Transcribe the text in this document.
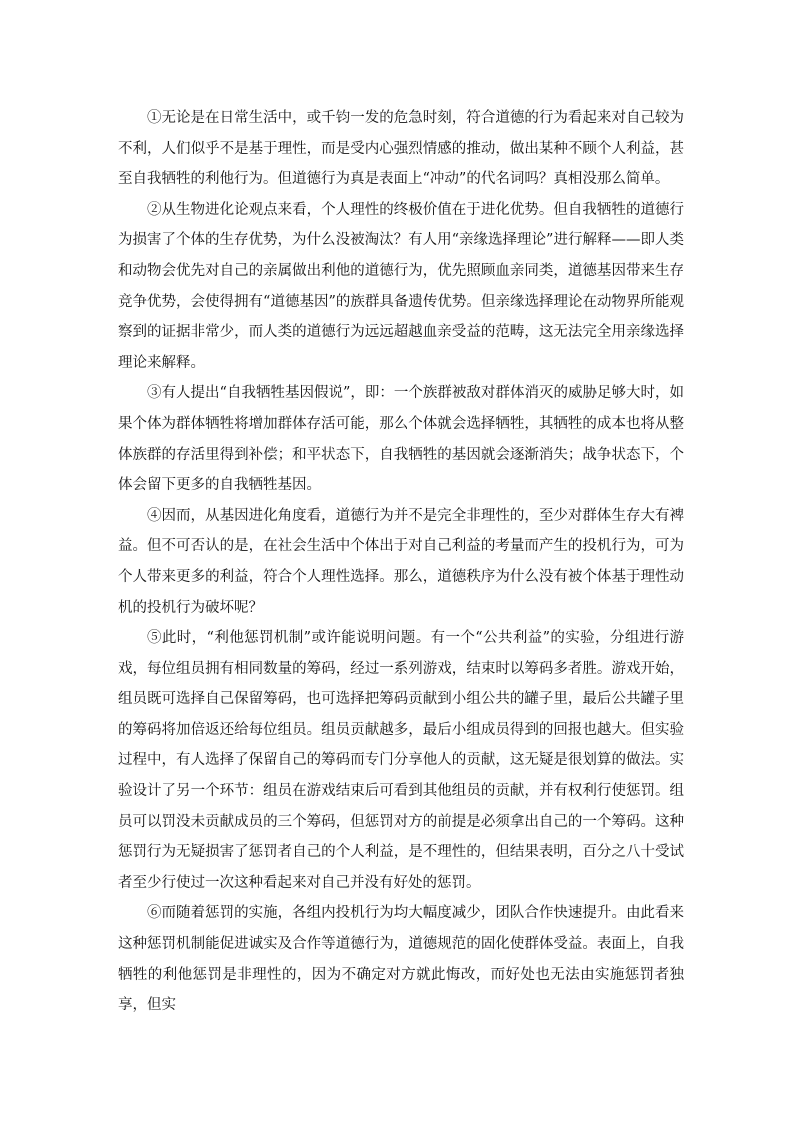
①无论是在日常生活中，或千钧一发的危急时刻，符合道德的行为看起来对自己较为不利，人们似乎不是基于理性，而是受内心强烈情感的推动，做出某种不顾个人利益，甚至自我牺牲的利他行为。但道德行为真是表面上“冲动”的代名词吗？真相没那么简单。

②从生物进化论观点来看，个人理性的终极价值在于进化优势。但自我牺牲的道德行为损害了个体的生存优势，为什么没被淘汰？有人用“亲缘选择理论”进行解释——即人类和动物会优先对自己的亲属做出利他的道德行为，优先照顾血亲同类，道德基因带来生存竞争优势，会使得拥有“道德基因”的族群具备遗传优势。但亲缘选择理论在动物界所能观察到的证据非常少，而人类的道德行为远远超越血亲受益的范畴，这无法完全用亲缘选择理论来解释。

③有人提出“自我牺牲基因假说”，即：一个族群被敌对群体消灭的威胁足够大时，如果个体为群体牺牲将增加群体存活可能，那么个体就会选择牺牲，其牺牲的成本也将从整体族群的存活里得到补偿；和平状态下，自我牺牲的基因就会逐渐消失；战争状态下，个体会留下更多的自我牺牲基因。

④因而，从基因进化角度看，道德行为并不是完全非理性的，至少对群体生存大有裨益。但不可否认的是，在社会生活中个体出于对自己利益的考量而产生的投机行为，可为个人带来更多的利益，符合个人理性选择。那么，道德秩序为什么没有被个体基于理性动机的投机行为破坏呢？

⑤此时，“利他惩罚机制”或许能说明问题。有一个“公共利益”的实验，分组进行游戏，每位组员拥有相同数量的筹码，经过一系列游戏，结束时以筹码多者胜。游戏开始，组员既可选择自己保留筹码，也可选择把筹码贡献到小组公共的罐子里，最后公共罐子里的筹码将加倍返还给每位组员。组员贡献越多，最后小组成员得到的回报也越大。但实验过程中，有人选择了保留自己的筹码而专门分享他人的贡献，这无疑是很划算的做法。实验设计了另一个环节：组员在游戏结束后可看到其他组员的贡献，并有权利行使惩罚。组员可以罚没未贡献成员的三个筹码，但惩罚对方的前提是必须拿出自己的一个筹码。这种惩罚行为无疑损害了惩罚者自己的个人利益，是不理性的，但结果表明，百分之八十受试者至少行使过一次这种看起来对自己并没有好处的惩罚。

⑥而随着惩罚的实施，各组内投机行为均大幅度减少，团队合作快速提升。由此看来这种惩罚机制能促进诚实及合作等道德行为，道德规范的固化使群体受益。表面上，自我牺牲的利他惩罚是非理性的，因为不确定对方就此悔改，而好处也无法由实施惩罚者独享，但实
